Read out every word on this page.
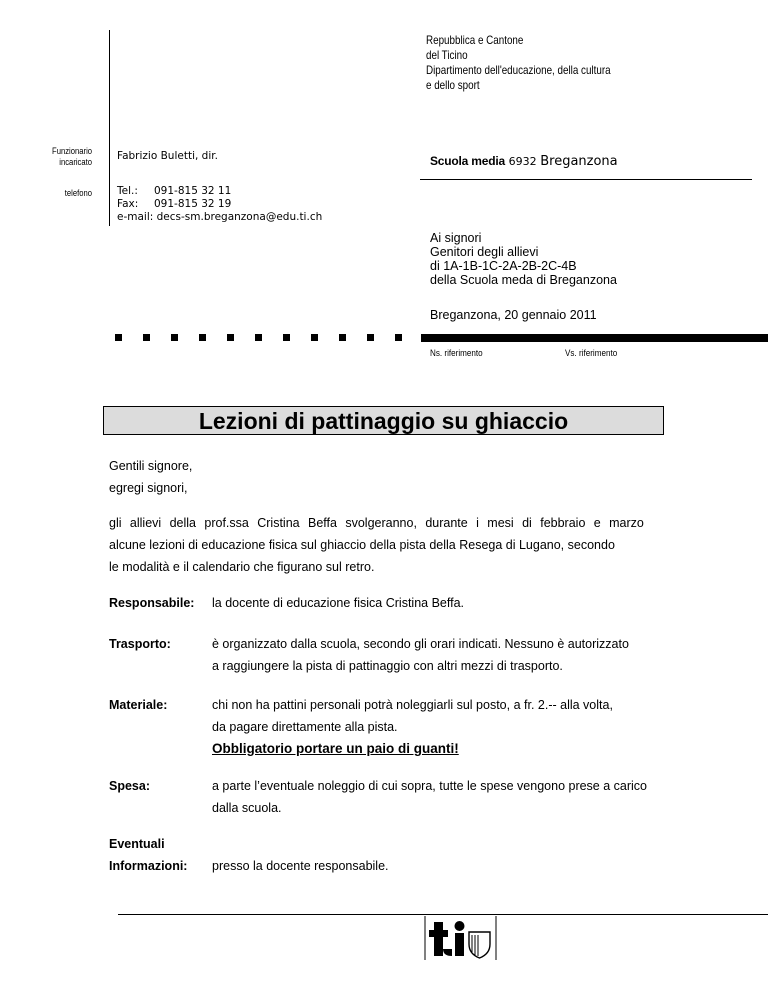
Repubblica e Cantone
del Ticino
Dipartimento dell'educazione, della cultura
e dello sport
Funzionario
incaricato
telefono
Fabrizio Buletti, dir.	Scuola media 6932 Breganzona
Tel.: 091-815 32 11
Fax: 091-815 32 19
e-mail: decs-sm.breganzona@edu.ti.ch
Ai signori
Genitori degli allievi
di 1A-1B-1C-2A-2B-2C-4B
della Scuola meda di Breganzona
Breganzona, 20 gennaio 2011
Ns. riferimento	Vs. riferimento
Lezioni di pattinaggio su ghiaccio
Gentili signore,
egregi signori,
gli allievi della prof.ssa Cristina Beffa svolgeranno, durante i mesi di febbraio e marzo
alcune lezioni di educazione fisica sul ghiaccio della pista della Resega di Lugano, secondo
le modalità e il calendario che figurano sul retro.
Responsabile: la docente di educazione fisica Cristina Beffa.
Trasporto:	è organizzato dalla scuola, secondo gli orari indicati. Nessuno è autorizzato
a raggiungere la pista di pattinaggio con altri mezzi di trasporto.
Materiale:	chi non ha pattini personali potrà noleggiarli sul posto, a fr. 2.-- alla volta,
da pagare direttamente alla pista.
Obbligatorio portare un paio di guanti!
Spesa:	a parte l’eventuale noleggio di cui sopra, tutte le spese vengono prese a carico
dalla scuola.
Eventuali
Informazioni: presso la docente responsabile.
